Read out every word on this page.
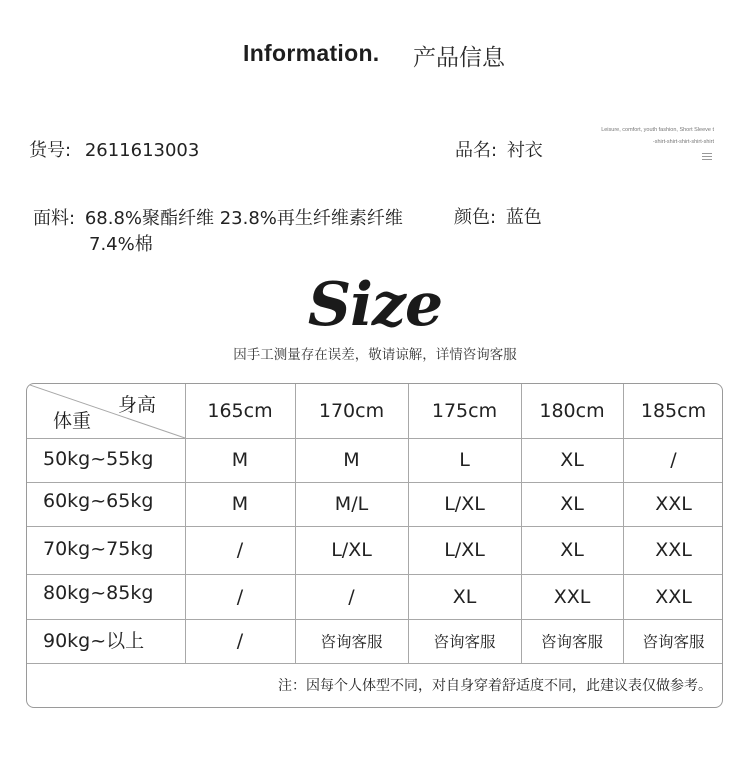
Information. 产品信息
货号: 2611613003	品名: 衬衣
面料: 68.8%聚酯纤维 23.8%再生纤维素纤维
7.4%棉
颜色: 蓝色
Leisure, comfort, youth fashion, Short Sleeve t
-shirt-shirt-shirt-shirt-shirt
Size
因手工测量存在误差，敬请谅解，详情咨询客服
身高
体重	165cm	170cm	175cm	180cm	185cm
50kg~55kg	M	M	L	XL	/
60kg~65kg	M	M/L	L/XL	XL	XXL
70kg~75kg	/	L/XL	L/XL	XL	XXL
80kg~85kg	/	/	XL	XXL	XXL
90kg~以上	/	咨询客服	咨询客服	咨询客服	咨询客服
注：因每个人体型不同，对自身穿着舒适度不同，此建议表仅做参考。
